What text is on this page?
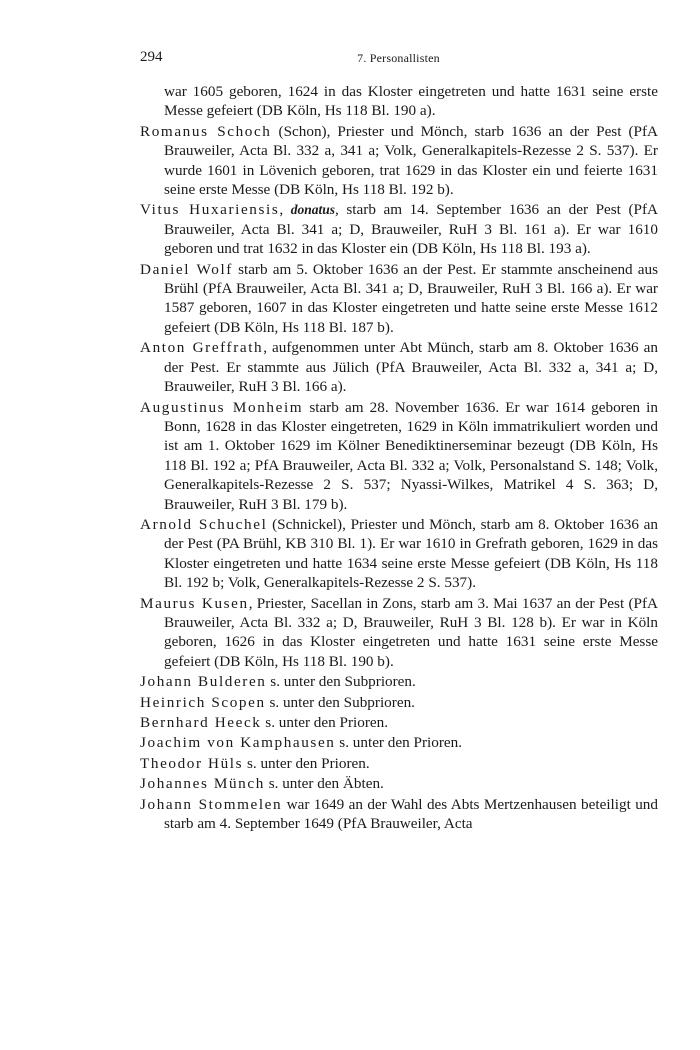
294	7. Personallisten

war 1605 geboren, 1624 in das Kloster eingetreten und hatte 1631 seine erste Messe gefeiert (DB Köln, Hs 118 Bl. 190 a).

Romanus Schoch (Schon), Priester und Mönch, starb 1636 an der Pest (PfA Brauweiler, Acta Bl. 332 a, 341 a; Volk, Generalkapitels-Rezesse 2 S. 537). Er wurde 1601 in Lövenich geboren, trat 1629 in das Kloster ein und feierte 1631 seine erste Messe (DB Köln, Hs 118 Bl. 192 b).

Vitus Huxariensis, donatus, starb am 14. September 1636 an der Pest (PfA Brauweiler, Acta Bl. 341 a; D, Brauweiler, RuH 3 Bl. 161 a). Er war 1610 geboren und trat 1632 in das Kloster ein (DB Köln, Hs 118 Bl. 193 a).

Daniel Wolf starb am 5. Oktober 1636 an der Pest. Er stammte anscheinend aus Brühl (PfA Brauweiler, Acta Bl. 341 a; D, Brauweiler, RuH 3 Bl. 166 a). Er war 1587 geboren, 1607 in das Kloster eingetreten und hatte seine erste Messe 1612 gefeiert (DB Köln, Hs 118 Bl. 187 b).

Anton Greffrath, aufgenommen unter Abt Münch, starb am 8. Oktober 1636 an der Pest. Er stammte aus Jülich (PfA Brauweiler, Acta Bl. 332 a, 341 a; D, Brauweiler, RuH 3 Bl. 166 a).

Augustinus Monheim starb am 28. November 1636. Er war 1614 geboren in Bonn, 1628 in das Kloster eingetreten, 1629 in Köln immatrikuliert worden und ist am 1. Oktober 1629 im Kölner Benediktinerseminar bezeugt (DB Köln, Hs 118 Bl. 192 a; PfA Brauweiler, Acta Bl. 332 a; Volk, Personalstand S. 148; Volk, Generalkapitels-Rezesse 2 S. 537; Nyassi-Wilkes, Matrikel 4 S. 363; D, Brauweiler, RuH 3 Bl. 179 b).

Arnold Schuchel (Schnickel), Priester und Mönch, starb am 8. Oktober 1636 an der Pest (PA Brühl, KB 310 Bl. 1). Er war 1610 in Grefrath geboren, 1629 in das Kloster eingetreten und hatte 1634 seine erste Messe gefeiert (DB Köln, Hs 118 Bl. 192 b; Volk, Generalkapitels-Rezesse 2 S. 537).

Maurus Kusen, Priester, Sacellan in Zons, starb am 3. Mai 1637 an der Pest (PfA Brauweiler, Acta Bl. 332 a; D, Brauweiler, RuH 3 Bl. 128 b). Er war in Köln geboren, 1626 in das Kloster eingetreten und hatte 1631 seine erste Messe gefeiert (DB Köln, Hs 118 Bl. 190 b).

Johann Bulderen s. unter den Subprioren.

Heinrich Scopen s. unter den Subprioren.

Bernhard Heeck s. unter den Prioren.

Joachim von Kamphausen s. unter den Prioren.

Theodor Hüls s. unter den Prioren.

Johannes Münch s. unter den Äbten.

Johann Stommelen war 1649 an der Wahl des Abts Mertzenhausen beteiligt und starb am 4. September 1649 (PfA Brauweiler, Acta
